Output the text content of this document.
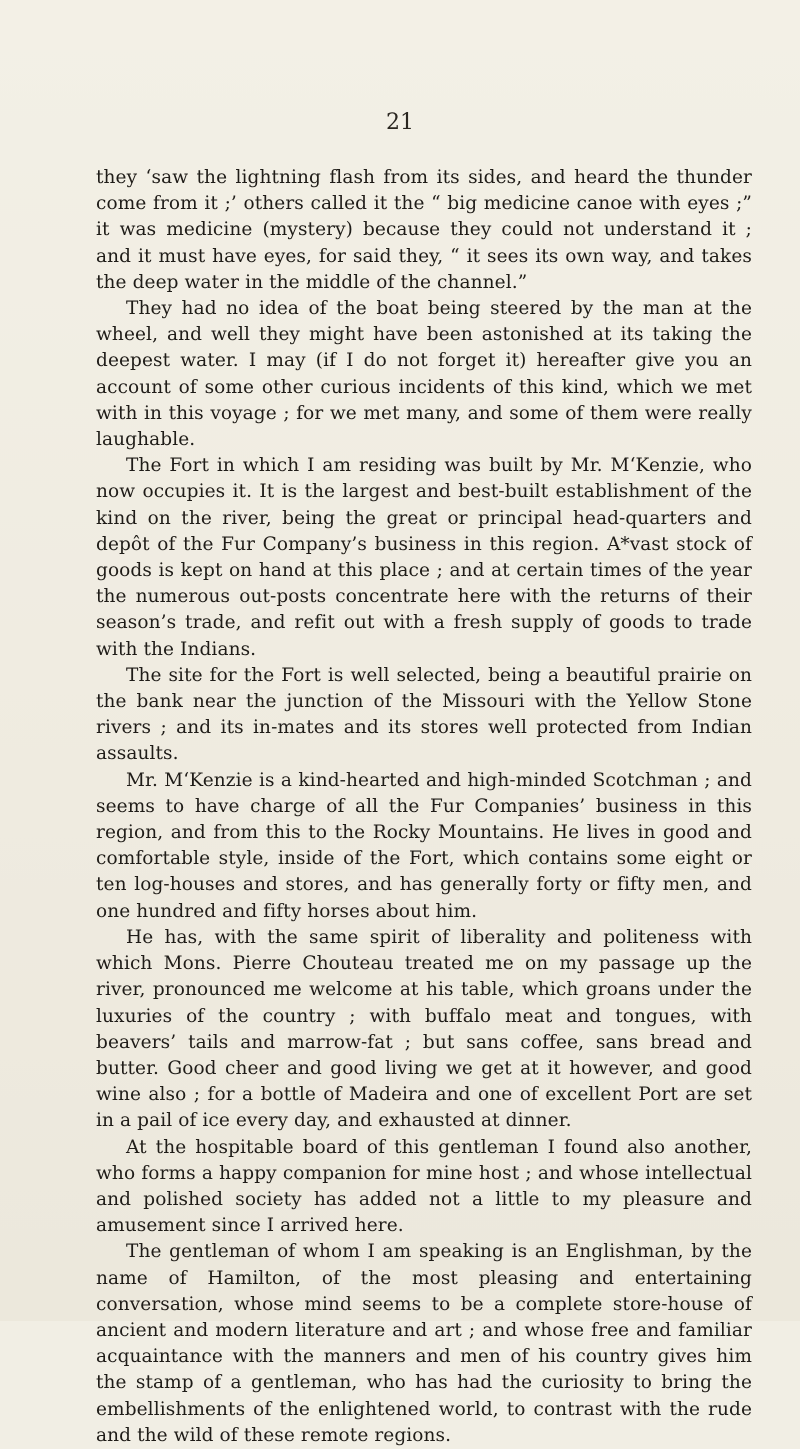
21

they ‘saw the lightning flash from its sides, and heard the thunder come from it ;’ others called it the “ big medicine canoe with eyes ;” it was medicine (mystery) because they could not understand it ; and it must have eyes, for said they, “ it sees its own way, and takes the deep water in the middle of the channel.”

They had no idea of the boat being steered by the man at the wheel, and well they might have been astonished at its taking the deepest water. I may (if I do not forget it) hereafter give you an account of some other curious incidents of this kind, which we met with in this voyage ; for we met many, and some of them were really laughable.

The Fort in which I am residing was built by Mr. M‘Kenzie, who now occupies it. It is the largest and best-built establishment of the kind on the river, being the great or principal head-quarters and depôt of the Fur Company’s business in this region. A*vast stock of goods is kept on hand at this place ; and at certain times of the year the numerous out-posts concentrate here with the returns of their season’s trade, and refit out with a fresh supply of goods to trade with the Indians.

The site for the Fort is well selected, being a beautiful prairie on the bank near the junction of the Missouri with the Yellow Stone rivers ; and its in-mates and its stores well protected from Indian assaults.

Mr. M‘Kenzie is a kind-hearted and high-minded Scotchman ; and seems to have charge of all the Fur Companies’ business in this region, and from this to the Rocky Mountains. He lives in good and comfortable style, inside of the Fort, which contains some eight or ten log-houses and stores, and has generally forty or fifty men, and one hundred and fifty horses about him.

He has, with the same spirit of liberality and politeness with which Mons. Pierre Chouteau treated me on my passage up the river, pronounced me welcome at his table, which groans under the luxuries of the country ; with buffalo meat and tongues, with beavers’ tails and marrow-fat ; but sans coffee, sans bread and butter. Good cheer and good living we get at it however, and good wine also ; for a bottle of Madeira and one of excellent Port are set in a pail of ice every day, and exhausted at dinner.

At the hospitable board of this gentleman I found also another, who forms a happy companion for mine host ; and whose intellectual and polished society has added not a little to my pleasure and amusement since I arrived here.

The gentleman of whom I am speaking is an Englishman, by the name of Hamilton, of the most pleasing and entertaining conversation, whose mind seems to be a complete store-house of ancient and modern literature and art ; and whose free and familiar acquaintance with the manners and men of his country gives him the stamp of a gentleman, who has had the curiosity to bring the embellishments of the enlightened world, to contrast with the rude and the wild of these remote regions.
